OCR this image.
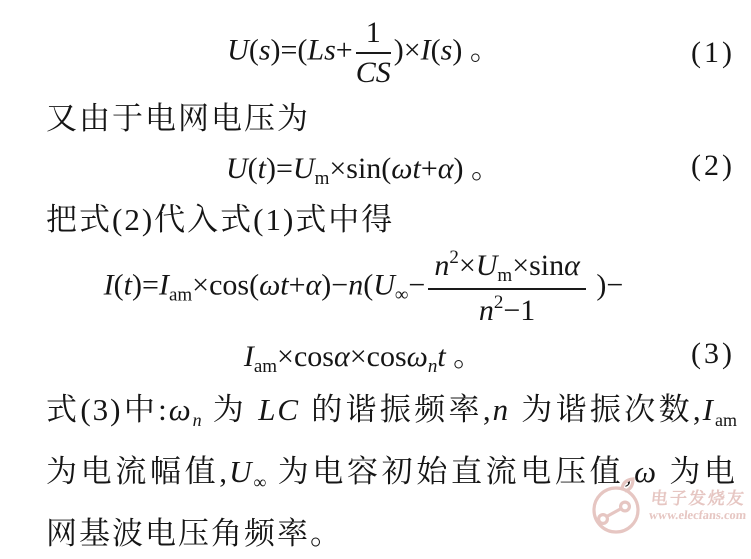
$U(s)=(Ls+ \frac{1}{CS} )\times I(s)$ 。	(1)
又由于电网电压为
$U(t)=U_m\times\sin(\omega t+\alpha)$ 。	(2)
把式(2)代入式(1)式中得
$I(t)=I_{am}\times\cos(\omega t+\alpha)-n(U_\infty- \frac{n^2\times U_m\times\sin\alpha}{n^2-1}$ )−
$I_{am}\times\cos\alpha\times\cos\omega_nt$ 。	(3)
式(3)中:ωn 为 LC 的谐振频率,n 为谐振次数,Iam为电流幅值,U∞ 为电容初始直流电压值,ω 为电网基波电压角频率。
电子发烧友
www.elecfans.com
